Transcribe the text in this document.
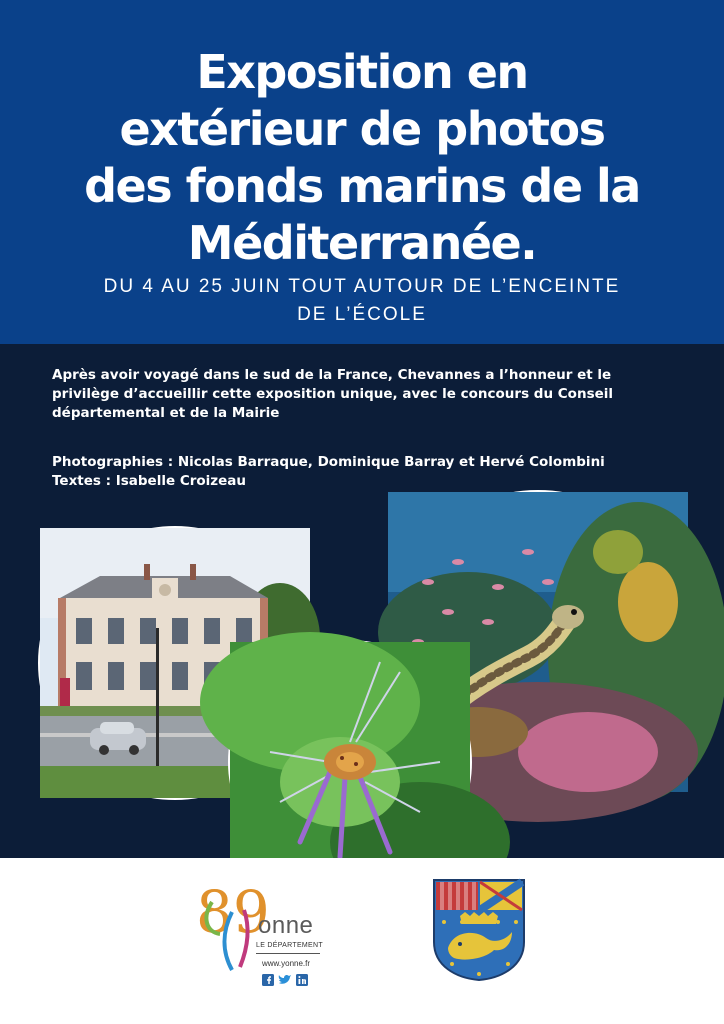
Exposition en
extérieur de photos
des fonds marins de la
Méditerranée.
DU 4 AU 25 JUIN TOUT AUTOUR DE L’ENCEINTE
DE L’ÉCOLE
Après avoir voyagé dans le sud de la France, Chevannes a l’honneur et le
privilège d’accueillir cette exposition unique, avec le concours du Conseil
départemental et de la Mairie
Photographies : Nicolas Barraque, Dominique Barray et Hervé Colombini
Textes : Isabelle Croizeau
89
onne
LE DÉPARTEMENT
www.yonne.fr
